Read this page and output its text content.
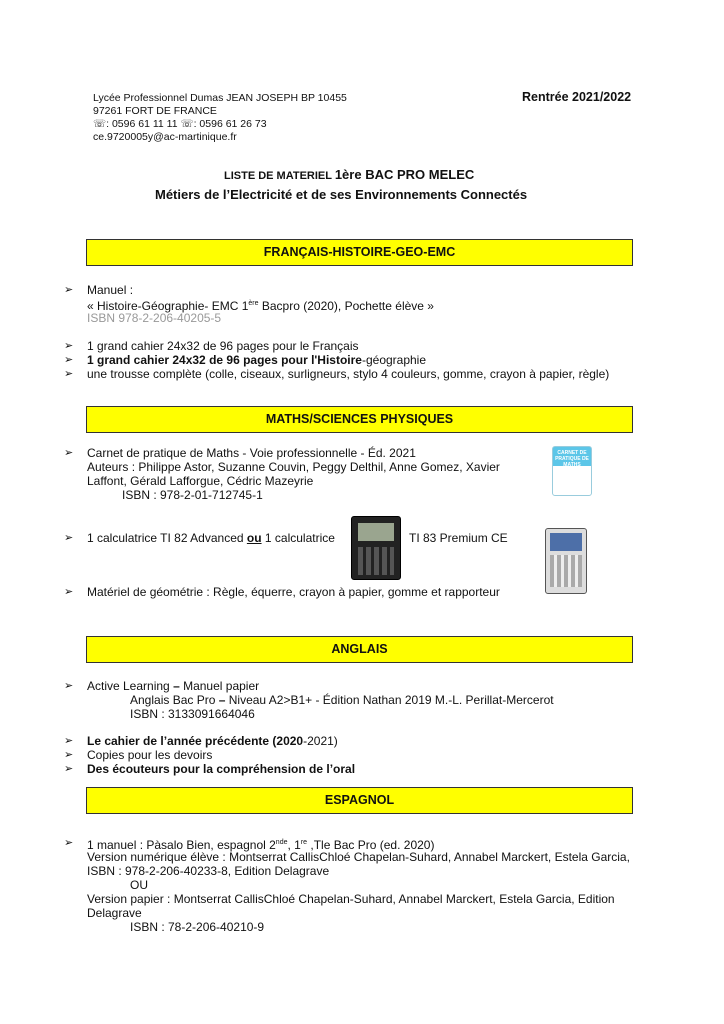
Lycée Professionnel Dumas JEAN JOSEPH BP 10455
97261 FORT DE FRANCE
☏: 0596 61 11 11 ☏: 0596 61 26 73
ce.9720005y@ac-martinique.fr
Rentrée 2021/2022
LISTE DE MATERIEL 1ère BAC PRO MELEC
Métiers de l’Electricité et de ses Environnements Connectés
FRANÇAIS-HISTOIRE-GEO-EMC
➢ Manuel :
« Histoire-Géographie- EMC 1ère Bacpro (2020), Pochette élève »
ISBN 978-2-206-40205-5
➢ 1 grand cahier 24x32 de 96 pages pour le Français
➢ 1 grand cahier 24x32 de 96 pages pour l'Histoire-géographie
➢ une trousse complète (colle, ciseaux, surligneurs, stylo 4 couleurs, gomme, crayon à papier, règle)
MATHS/SCIENCES PHYSIQUES
➢ Carnet de pratique de Maths - Voie professionnelle - Éd. 2021
Auteurs : Philippe Astor, Suzanne Couvin, Peggy Delthil, Anne Gomez, Xavier
Laffont, Gérald Lafforgue, Cédric Mazeyrie
ISBN : 978-2-01-712745-1
CARNET DE PRATIQUE DE MATHS
➢ 1 calculatrice TI 82 Advanced ou 1 calculatrice	TI 83 Premium CE
➢ Matériel de géométrie : Règle, équerre, crayon à papier, gomme et rapporteur
ANGLAIS
➢ Active Learning – Manuel papier
Anglais Bac Pro – Niveau A2>B1+ - Édition Nathan 2019 M.-L. Perillat-Mercerot
ISBN : 3133091664046
➢ Le cahier de l’année précédente (2020-2021)
➢ Copies pour les devoirs
➢ Des écouteurs pour la compréhension de l’oral
ESPAGNOL
➢ 1 manuel : Pàsalo Bien, espagnol 2nde, 1re ,Tle Bac Pro (ed. 2020)
Version numérique élève : Montserrat CallisChloé Chapelan-Suhard, Annabel Marckert, Estela Garcia,
ISBN : 978-2-206-40233-8, Edition Delagrave
OU
Version papier : Montserrat CallisChloé Chapelan-Suhard, Annabel Marckert, Estela Garcia, Edition
Delagrave
ISBN : 78-2-206-40210-9
